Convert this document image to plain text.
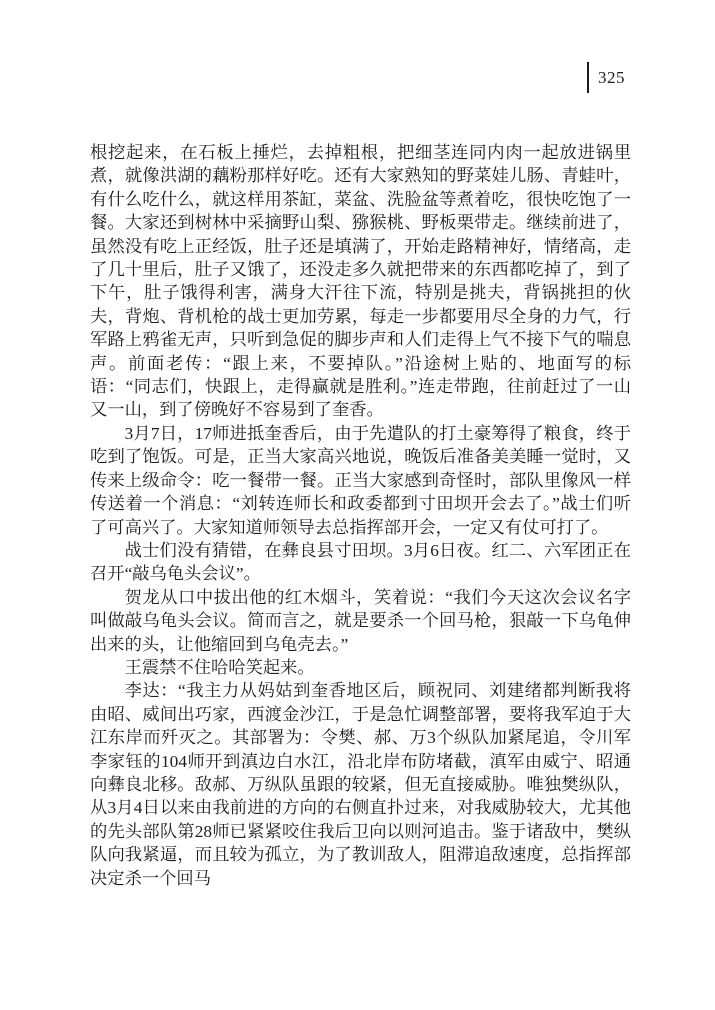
325

根挖起来，在石板上捶烂，去掉粗根，把细茎连同内肉一起放进锅里煮，就像洪湖的藕粉那样好吃。还有大家熟知的野菜娃儿肠、青蛙叶，有什么吃什么，就这样用茶缸，菜盆、洗脸盆等煮着吃，很快吃饱了一餐。大家还到树林中采摘野山梨、猕猴桃、野板栗带走。继续前进了，虽然没有吃上正经饭，肚子还是填满了，开始走路精神好，情绪高，走了几十里后，肚子又饿了，还没走多久就把带来的东西都吃掉了，到了下午，肚子饿得利害，满身大汗往下流，特别是挑夫，背锅挑担的伙夫，背炮、背机枪的战士更加劳累，每走一步都要用尽全身的力气，行军路上鸦雀无声，只听到急促的脚步声和人们走得上气不接下气的喘息声。前面老传：“跟上来，不要掉队。”沿途树上贴的、地面写的标语：“同志们，快跟上，走得赢就是胜利。”连走带跑，往前赶过了一山又一山，到了傍晚好不容易到了奎香。

3月7日，17师进抵奎香后，由于先遣队的打土豪筹得了粮食，终于吃到了饱饭。可是，正当大家高兴地说，晚饭后准备美美睡一觉时，又传来上级命令：吃一餐带一餐。正当大家感到奇怪时，部队里像风一样传送着一个消息：“刘转连师长和政委都到寸田坝开会去了。”战士们听了可高兴了。大家知道师领导去总指挥部开会，一定又有仗可打了。

战士们没有猜错，在彝良县寸田坝。3月6日夜。红二、六军团正在召开“敲乌龟头会议”。

贺龙从口中拔出他的红木烟斗，笑着说：“我们今天这次会议名字叫做敲乌龟头会议。简而言之，就是要杀一个回马枪，狠敲一下乌龟伸出来的头，让他缩回到乌龟壳去。”

王震禁不住哈哈笑起来。

李达：“我主力从妈姑到奎香地区后，顾祝同、刘建绪都判断我将由昭、威间出巧家，西渡金沙江，于是急忙调整部署，要将我军迫于大江东岸而歼灭之。其部署为：令樊、郝、万3个纵队加紧尾追，令川军李家钰的104师开到滇边白水江，沿北岸布防堵截，滇军由威宁、昭通向彝良北移。敌郝、万纵队虽跟的较紧，但无直接威胁。唯独樊纵队，从3月4日以来由我前进的方向的右侧直扑过来，对我威胁较大，尤其他的先头部队第28师已紧紧咬住我后卫向以则河追击。鉴于诸敌中，樊纵队向我紧逼，而且较为孤立，为了教训敌人，阻滞追敌速度，总指挥部决定杀一个回马
